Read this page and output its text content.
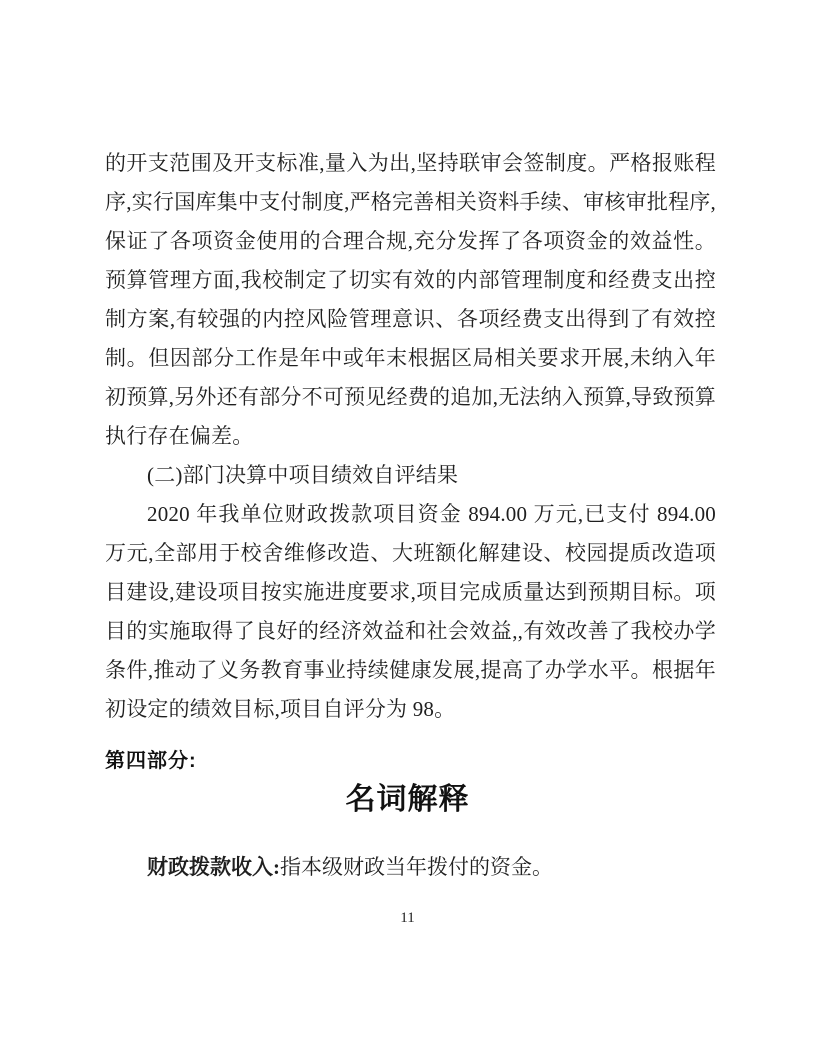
的开支范围及开支标准,量入为出,坚持联审会签制度。严格报账程序,实行国库集中支付制度,严格完善相关资料手续、审核审批程序,保证了各项资金使用的合理合规,充分发挥了各项资金的效益性。预算管理方面,我校制定了切实有效的内部管理制度和经费支出控制方案,有较强的内控风险管理意识、各项经费支出得到了有效控制。但因部分工作是年中或年末根据区局相关要求开展,未纳入年初预算,另外还有部分不可预见经费的追加,无法纳入预算,导致预算执行存在偏差。

(二)部门决算中项目绩效自评结果

2020 年我单位财政拨款项目资金 894.00 万元,已支付 894.00 万元,全部用于校舍维修改造、大班额化解建设、校园提质改造项目建设,建设项目按实施进度要求,项目完成质量达到预期目标。项目的实施取得了良好的经济效益和社会效益,,有效改善了我校办学条件,推动了义务教育事业持续健康发展,提高了办学水平。根据年初设定的绩效目标,项目自评分为 98。

第四部分:
名词解释

财政拨款收入:指本级财政当年拨付的资金。

11
